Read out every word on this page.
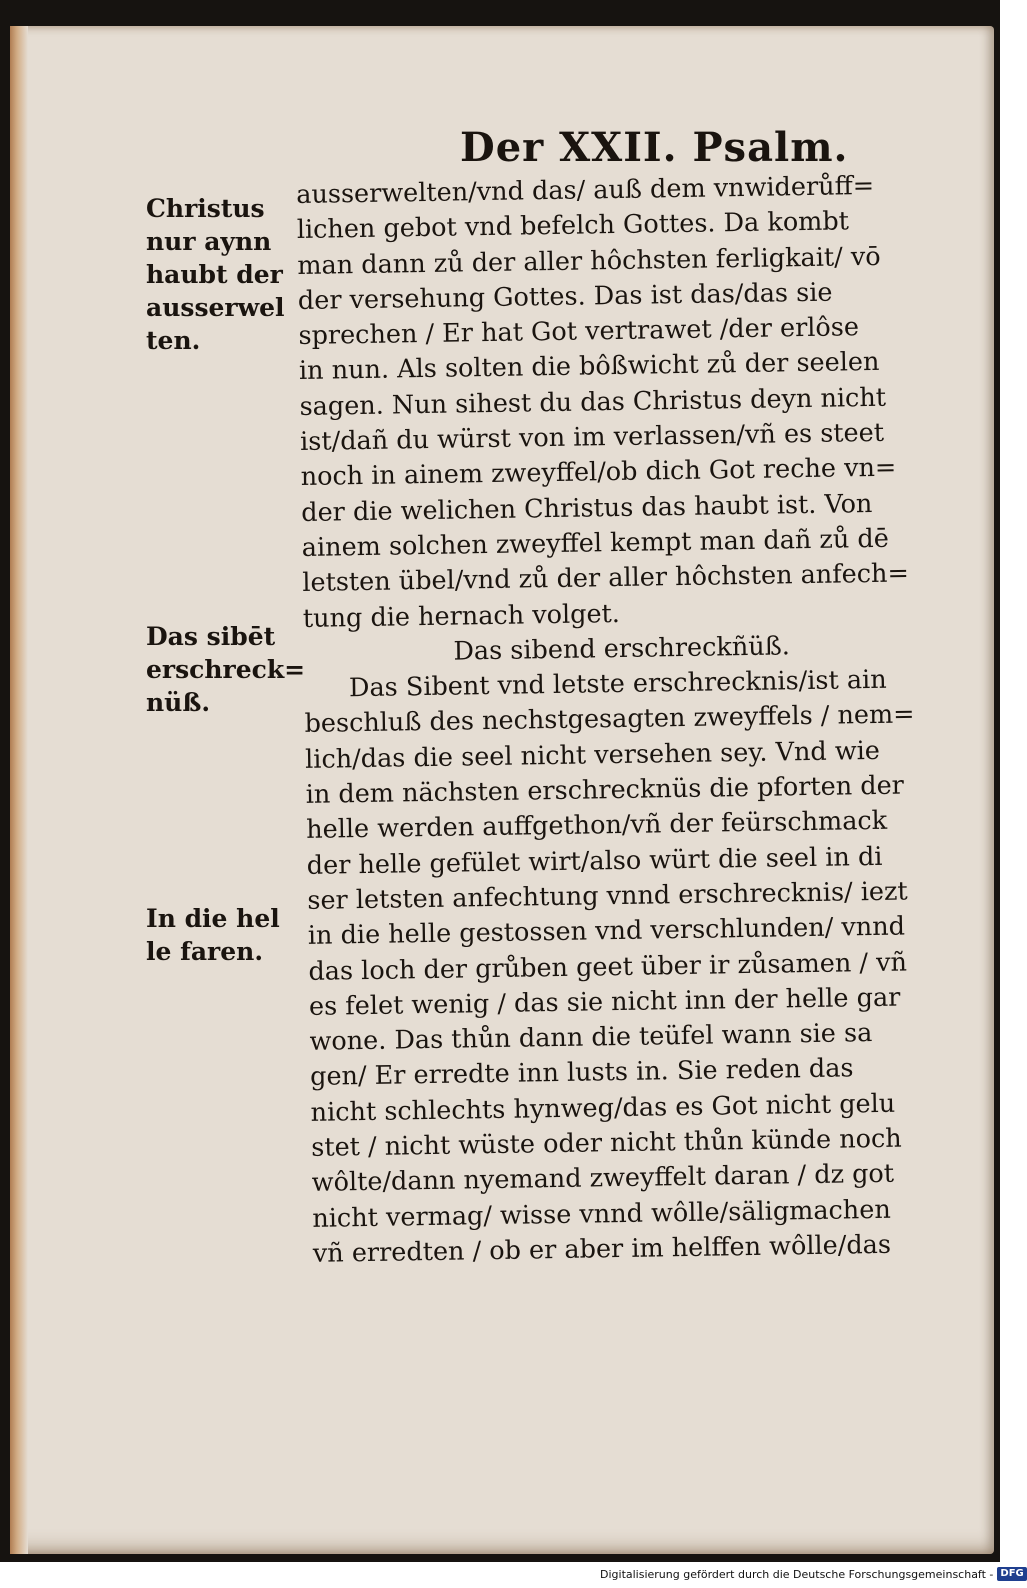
Der XXII. Psalm.
ausserwelten/vnd das/ auß dem vnwiderůff=
lichen gebot vnd befelch Gottes. Da kombt
man dann zů der aller hôchsten ferligkait/ vō
der versehung Gottes. Das ist das/das sie
sprechen / Er hat Got vertrawet /der erlôse
in nun. Als solten die bôßwicht zů der seelen
sagen. Nun sihest du das Christus deyn nicht
ist/dañ du würst von im verlassen/vñ es steet
noch in ainem zweyffel/ob dich Got reche vn=
der die welichen Christus das haubt ist. Von
ainem solchen zweyffel kempt man dañ zů dē
letsten übel/vnd zů der aller hôchsten anfech=
tung die hernach volget.
Das sibend erschreckñüß.
Das Sibent vnd letste erschrecknis/ist ain
beschluß des nechstgesagten zweyffels / nem=
lich/das die seel nicht versehen sey. Vnd wie
in dem nächsten erschrecknüs die pforten der
helle werden auffgethon/vñ der feürschmack
der helle gefület wirt/also würt die seel in di
ser letsten anfechtung vnnd erschrecknis/ iezt
in die helle gestossen vnd verschlunden/ vnnd
das loch der grůben geet über ir zůsamen / vñ
es felet wenig / das sie nicht inn der helle gar
wone. Das thůn dann die teüfel wann sie sa
gen/ Er erredte inn lusts in. Sie reden das
nicht schlechts hynweg/das es Got nicht gelu
stet / nicht wüste oder nicht thůn künde noch
wôlte/dann nyemand zweyffelt daran / dz got
nicht vermag/ wisse vnnd wôlle/säligmachen
vñ erredten / ob er aber im helffen wôlle/das
Christus
nur aynn
haubt der
ausserwel
ten.
Das sibēt
erschreck=
nüß.
In die hel
le faren.
Digitalisierung gefördert durch die Deutsche Forschungsgemeinschaft - DFG
